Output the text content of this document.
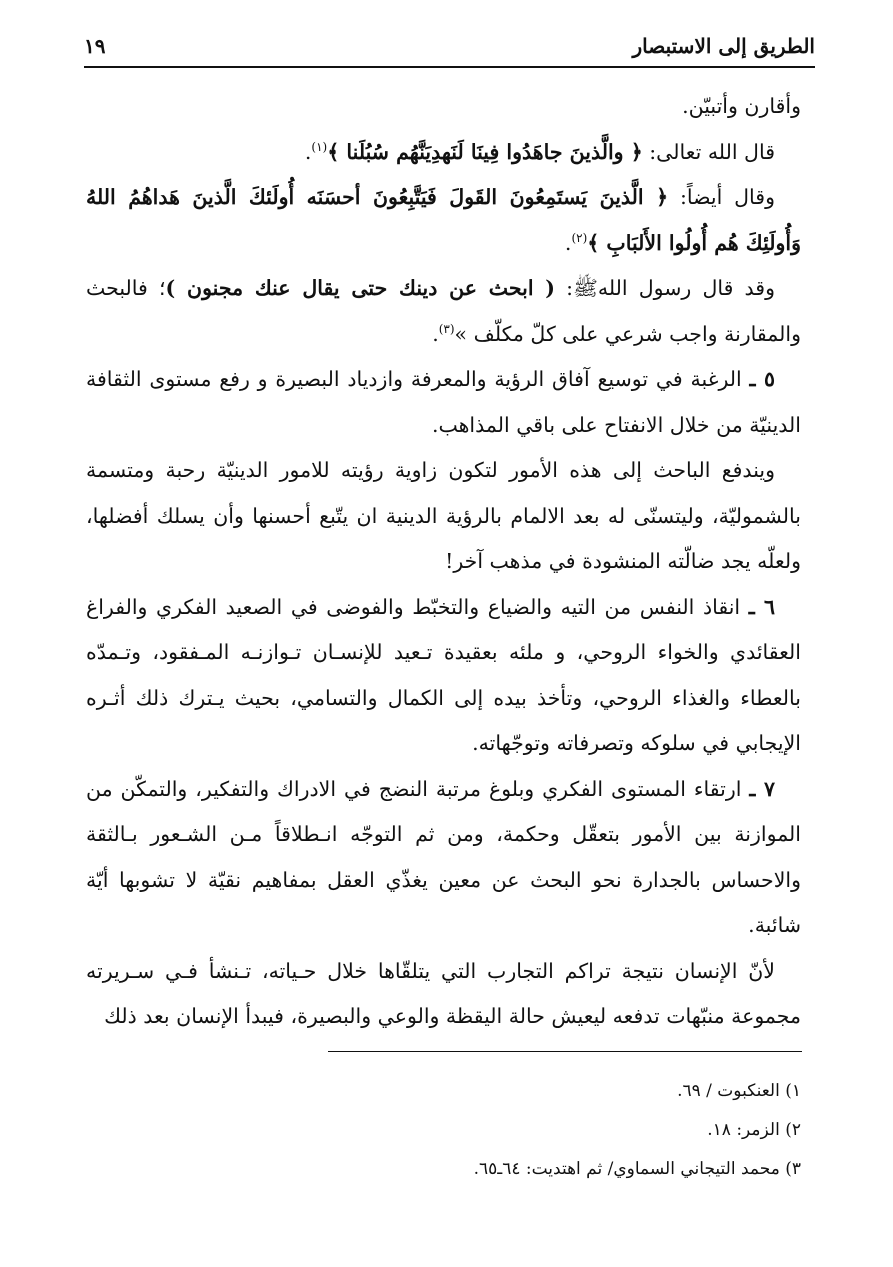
الطريق إلى الاستبصار
١٩

وأقارن وأتبيّن.

قال الله تعالى: ﴿ والَّذينَ جاهَدُوا فِينَا لَنَهدِيَنَّهُم سُبُلَنا ﴾$^{(١)}$.

وقال أيضاً: ﴿ الَّذينَ يَستَمِعُونَ القَولَ فَيَتَّبِعُونَ أحسَنَه أُولَئكَ الَّذينَ هَداهُمُ اللهُ وَأُولَئِكَ هُم أُولُوا الأَلبَابِ ﴾$^{(٢)}$.

وقد قال رسول اللهﷺ: ( ابحث عن دينك حتى يقال عنك مجنون )؛ فالبحث والمقارنة واجب شرعي على كلّ مكلّف »$^{(٣)}$.

٥ ـ الرغبة في توسيع آفاق الرؤية والمعرفة وازدياد البصيرة و رفع مستوى الثقافة الدينيّة من خلال الانفتاح على باقي المذاهب.

ويندفع الباحث إلى هذه الأمور لتكون زاوية رؤيته للامور الدينيّة رحبة ومتسمة بالشموليّة، وليتسنّى له بعد الالمام بالرؤية الدينية ان يتّبع أحسنها وأن يسلك أفضلها، ولعلّه يجد ضالّته المنشودة في مذهب آخر!

٦ ـ انقاذ النفس من التيه والضياع والتخبّط والفوضى في الصعيد الفكري والفراغ العقائدي والخواء الروحي، و ملئه بعقيدة تـعيد للإنسـان تـوازنـه المـفقود، وتـمدّه بالعطاء والغذاء الروحي، وتأخذ بيده إلى الكمال والتسامي، بحيث يـترك ذلك أثـره الإيجابي في سلوكه وتصرفاته وتوجّهاته.

٧ ـ ارتقاء المستوى الفكري وبلوغ مرتبة النضج في الادراك والتفكير، والتمكّن من الموازنة بين الأمور بتعقّل وحكمة، ومن ثم التوجّه انـطلاقاً مـن الشـعور بـالثقة والاحساس بالجدارة نحو البحث عن معين يغذّي العقل بمفاهيم نقيّة لا تشوبها أيّة شائبة.

لأنّ الإنسان نتيجة تراكم التجارب التي يتلقّاها خلال حـياته، تـنشأ فـي سـريرته مجموعة منبّهات تدفعه ليعيش حالة اليقظة والوعي والبصيرة، فيبدأ الإنسان بعد ذلك

١) العنكبوت / ٦٩.

٢) الزمر: ١٨.

٣) محمد التيجاني السماوي/ ثم اهتديت: ٦٤ـ٦٥.
